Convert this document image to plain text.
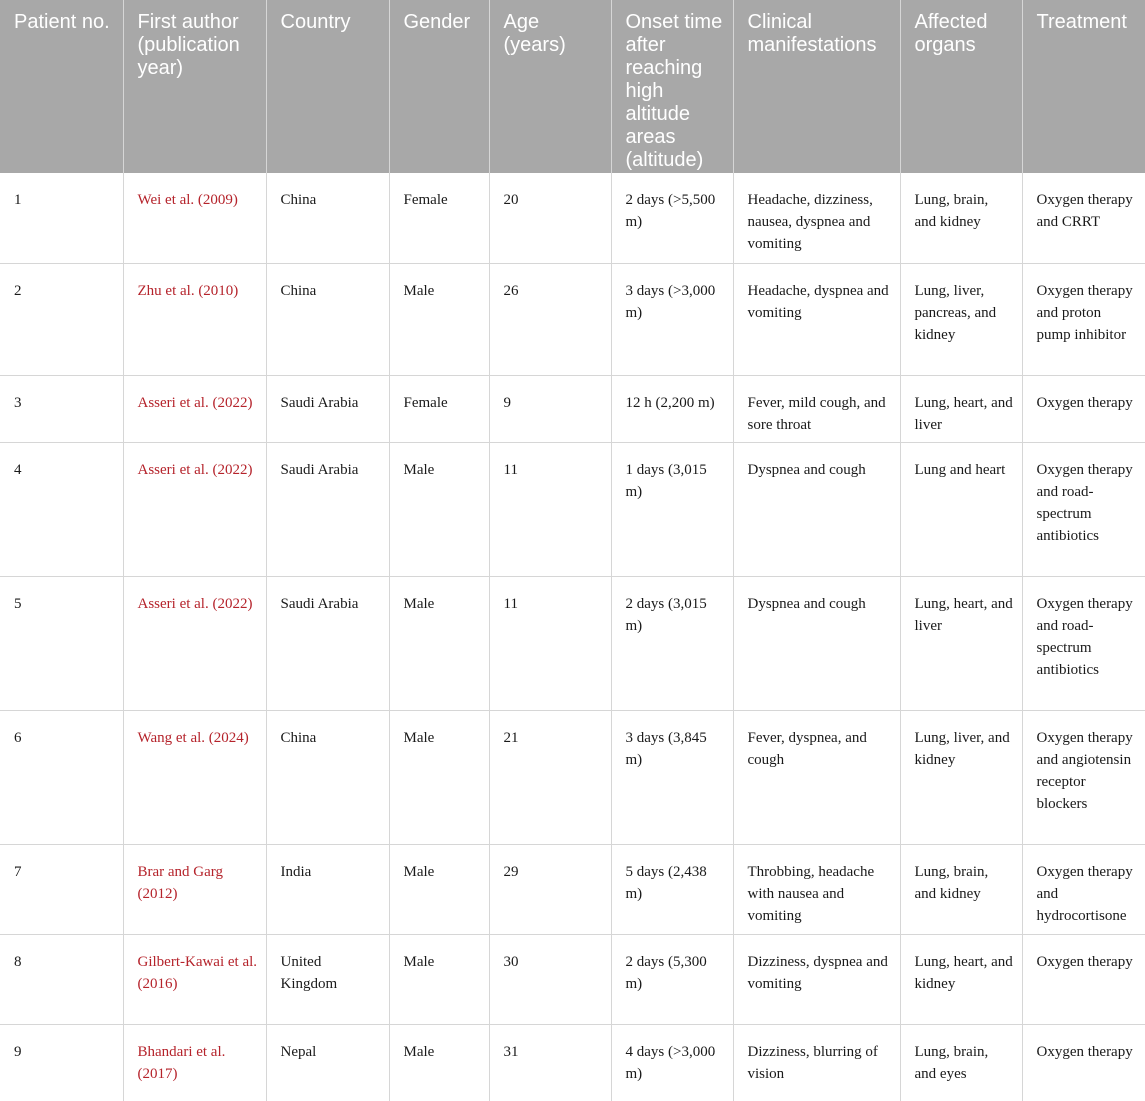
Patient no.	First author (publication year)	Country	Gender	Age (years)	Onset time after reaching high altitude areas (altitude)	Clinical manifestations	Affected organs	Treatment
1	Wei et al. (2009)	China	Female	20	2 days (>5,500 m)	Headache, dizziness, nausea, dyspnea and vomiting	Lung, brain, and kidney	Oxygen therapy and CRRT
2	Zhu et al. (2010)	China	Male	26	3 days (>3,000 m)	Headache, dyspnea and vomiting	Lung, liver, pancreas, and kidney	Oxygen therapy and proton pump inhibitor
3	Asseri et al. (2022)	Saudi Arabia	Female	9	12 h (2,200 m)	Fever, mild cough, and sore throat	Lung, heart, and liver	Oxygen therapy
4	Asseri et al. (2022)	Saudi Arabia	Male	11	1 days (3,015 m)	Dyspnea and cough	Lung and heart	Oxygen therapy and road-spectrum antibiotics
5	Asseri et al. (2022)	Saudi Arabia	Male	11	2 days (3,015 m)	Dyspnea and cough	Lung, heart, and liver	Oxygen therapy and road-spectrum antibiotics
6	Wang et al. (2024)	China	Male	21	3 days (3,845 m)	Fever, dyspnea, and cough	Lung, liver, and kidney	Oxygen therapy and angiotensin receptor blockers
7	Brar and Garg (2012)	India	Male	29	5 days (2,438 m)	Throbbing, headache with nausea and vomiting	Lung, brain, and kidney	Oxygen therapy and hydrocortisone
8	Gilbert-Kawai et al. (2016)	United Kingdom	Male	30	2 days (5,300 m)	Dizziness, dyspnea and vomiting	Lung, heart, and kidney	Oxygen therapy
9	Bhandari et al. (2017)	Nepal	Male	31	4 days (>3,000 m)	Dizziness, blurring of vision	Lung, brain, and eyes	Oxygen therapy
